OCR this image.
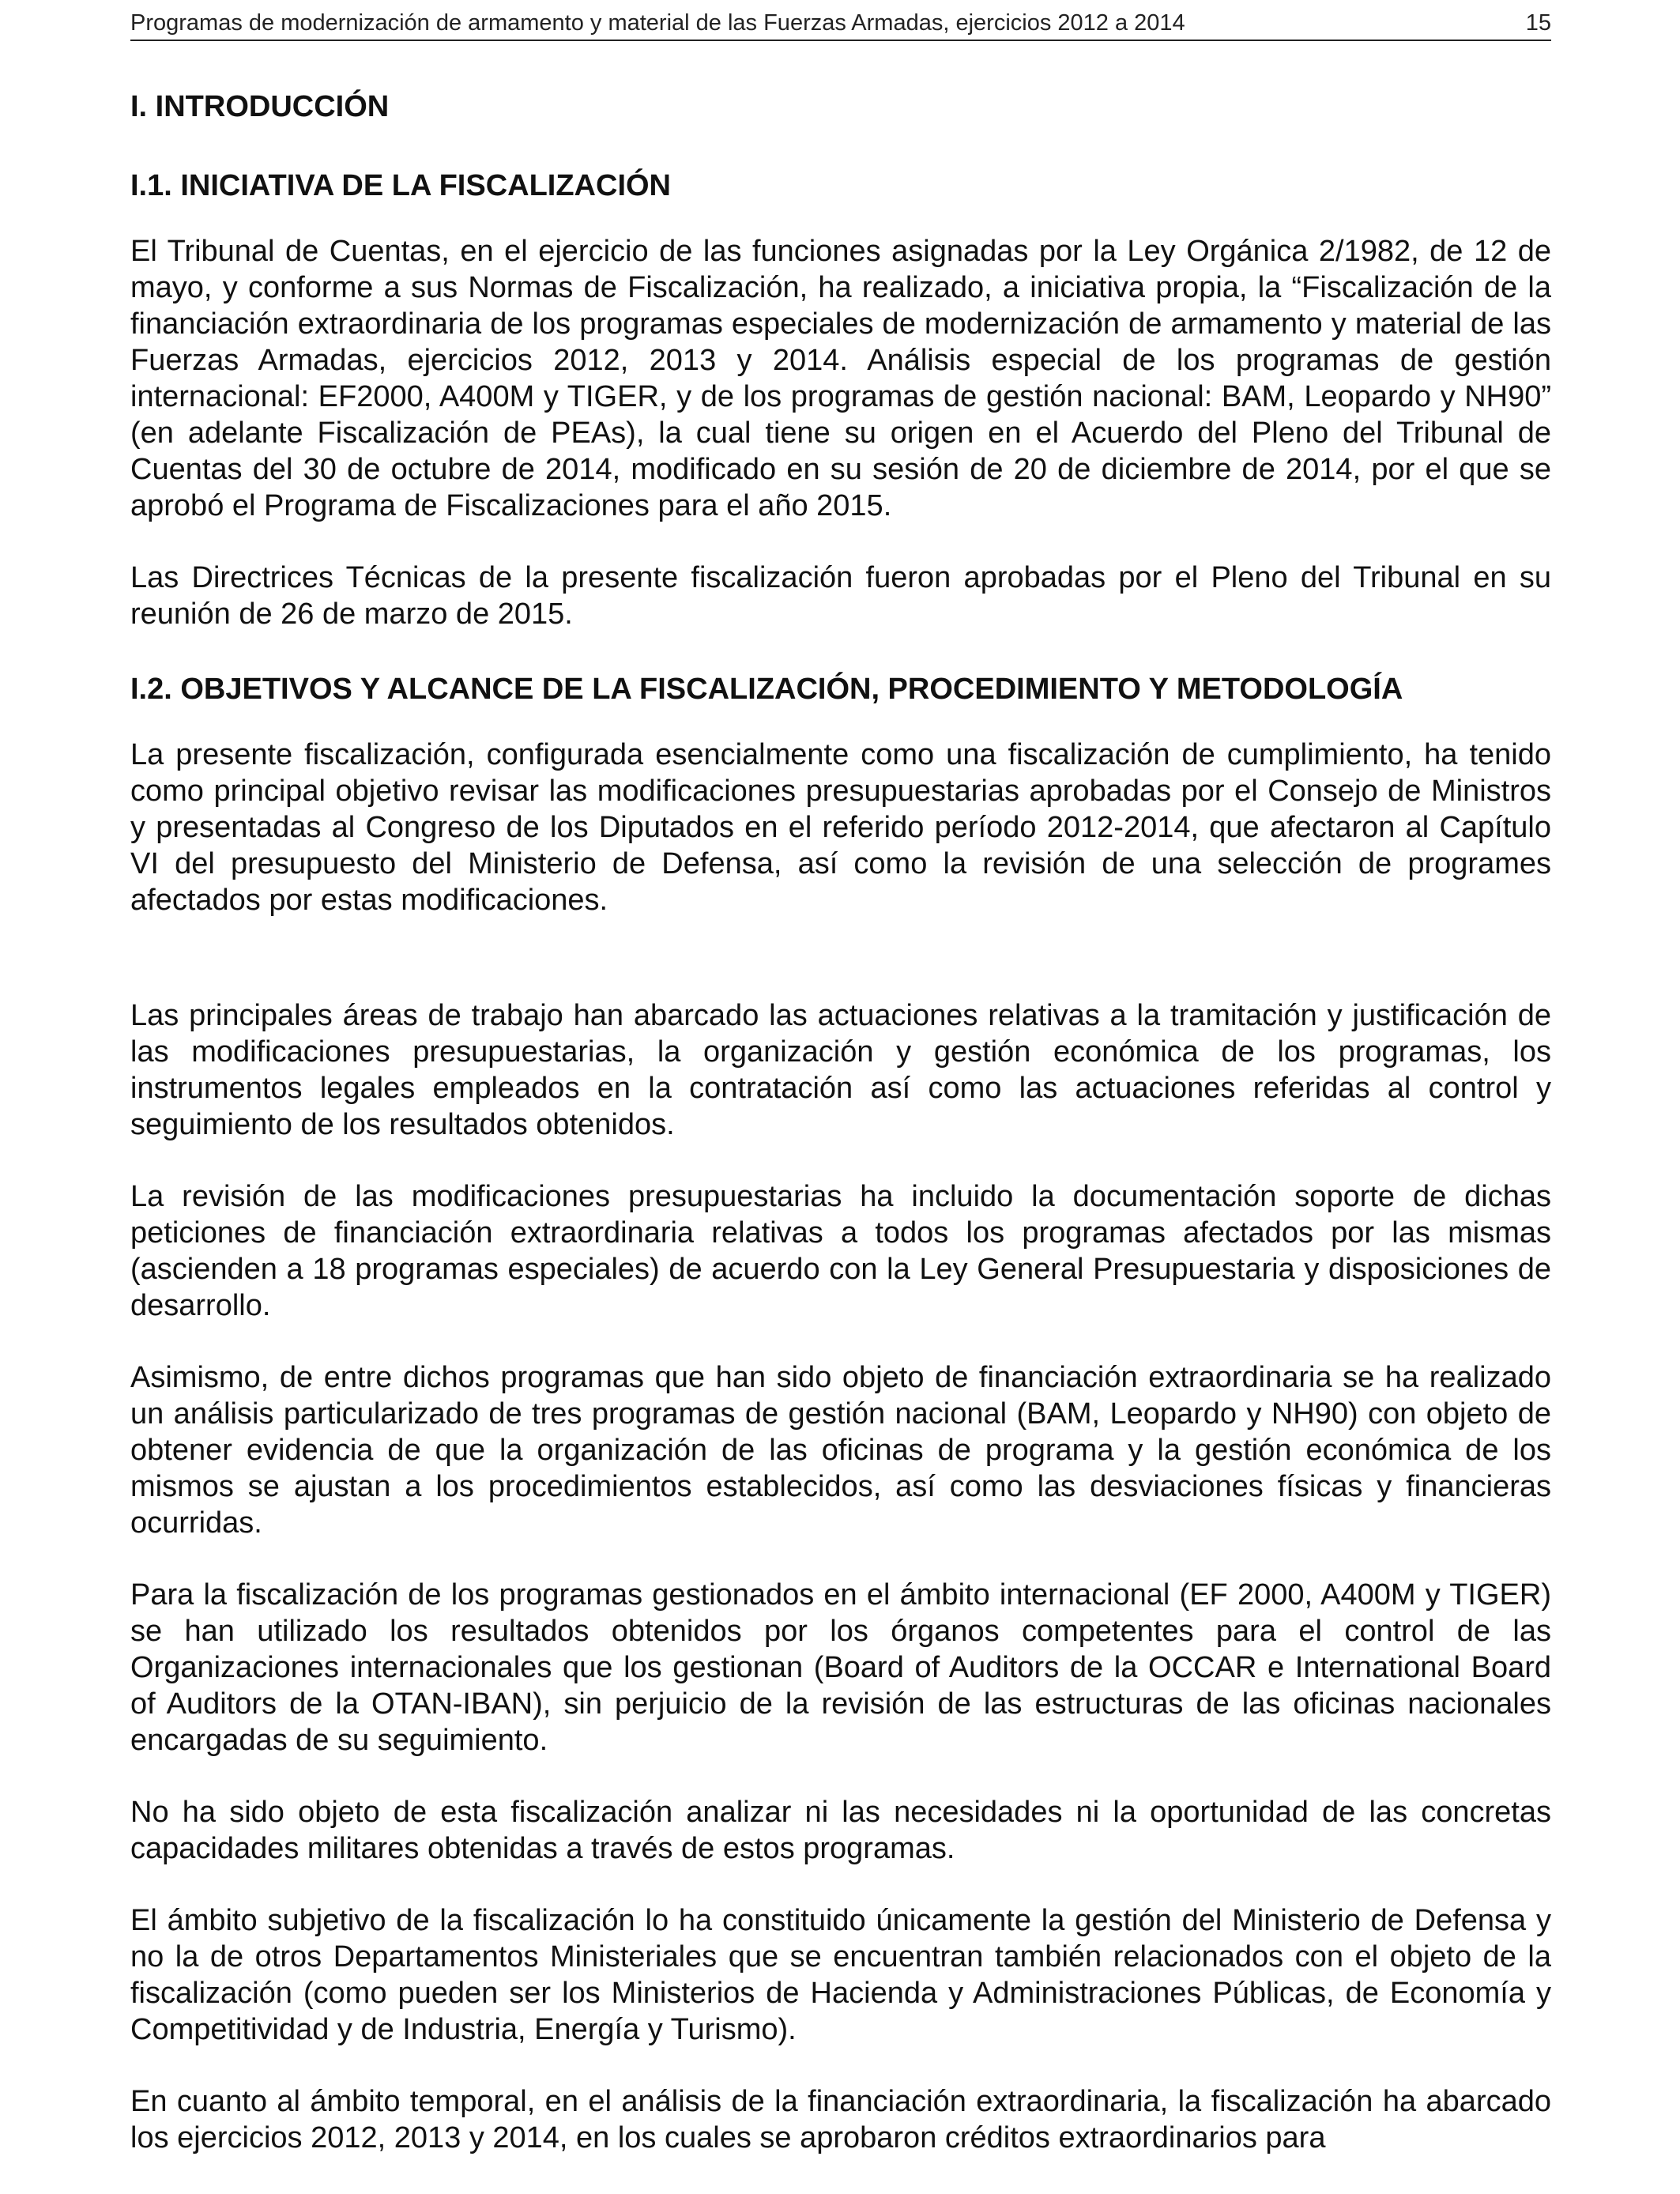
Programas de modernización de armamento y material de las Fuerzas Armadas, ejercicios 2012 a 2014	15
I. INTRODUCCIÓN
I.1. INICIATIVA DE LA FISCALIZACIÓN

El Tribunal de Cuentas, en el ejercicio de las funciones asignadas por la Ley Orgánica 2/1982, de 12 de mayo, y conforme a sus Normas de Fiscalización, ha realizado, a iniciativa propia, la “Fiscalización de la financiación extraordinaria de los programas especiales de modernización de armamento y material de las Fuerzas Armadas, ejercicios 2012, 2013 y 2014. Análisis especial de los programas de gestión internacional: EF2000, A400M y TIGER, y de los programas de gestión nacional: BAM, Leopardo y NH90” (en adelante Fiscalización de PEAs), la cual tiene su origen en el Acuerdo del Pleno del Tribunal de Cuentas del 30 de octubre de 2014, modificado en su sesión de 20 de diciembre de 2014, por el que se aprobó el Programa de Fiscalizaciones para el año 2015.

Las Directrices Técnicas de la presente fiscalización fueron aprobadas por el Pleno del Tribunal en su reunión de 26 de marzo de 2015.

I.2. OBJETIVOS Y ALCANCE DE LA FISCALIZACIÓN, PROCEDIMIENTO Y METODOLOGÍA

La presente fiscalización, configurada esencialmente como una fiscalización de cumplimiento, ha tenido como principal objetivo revisar las modificaciones presupuestarias aprobadas por el Consejo de Ministros y presentadas al Congreso de los Diputados en el referido período 2012-2014, que afectaron al Capítulo VI del presupuesto del Ministerio de Defensa, así como la revisión de una selección de programes afectados por estas modificaciones.

Las principales áreas de trabajo han abarcado las actuaciones relativas a la tramitación y justificación de las modificaciones presupuestarias, la organización y gestión económica de los programas, los instrumentos legales empleados en la contratación así como las actuaciones referidas al control y seguimiento de los resultados obtenidos.

La revisión de las modificaciones presupuestarias ha incluido la documentación soporte de dichas peticiones de financiación extraordinaria relativas a todos los programas afectados por las mismas (ascienden a 18 programas especiales) de acuerdo con la Ley General Presupuestaria y disposiciones de desarrollo.

Asimismo, de entre dichos programas que han sido objeto de financiación extraordinaria se ha realizado un análisis particularizado de tres programas de gestión nacional (BAM, Leopardo y NH90) con objeto de obtener evidencia de que la organización de las oficinas de programa y la gestión económica de los mismos se ajustan a los procedimientos establecidos, así como las desviaciones físicas y financieras ocurridas.

Para la fiscalización de los programas gestionados en el ámbito internacional (EF 2000, A400M y TIGER) se han utilizado los resultados obtenidos por los órganos competentes para el control de las Organizaciones internacionales que los gestionan (Board of Auditors de la OCCAR e International Board of Auditors de la OTAN-IBAN), sin perjuicio de la revisión de las estructuras de las oficinas nacionales encargadas de su seguimiento.

No ha sido objeto de esta fiscalización analizar ni las necesidades ni la oportunidad de las concretas capacidades militares obtenidas a través de estos programas.

El ámbito subjetivo de la fiscalización lo ha constituido únicamente la gestión del Ministerio de Defensa y no la de otros Departamentos Ministeriales que se encuentran también relacionados con el objeto de la fiscalización (como pueden ser los Ministerios de Hacienda y Administraciones Públicas, de Economía y Competitividad y de Industria, Energía y Turismo).

En cuanto al ámbito temporal, en el análisis de la financiación extraordinaria, la fiscalización ha abarcado los ejercicios 2012, 2013 y 2014, en los cuales se aprobaron créditos extraordinarios para
